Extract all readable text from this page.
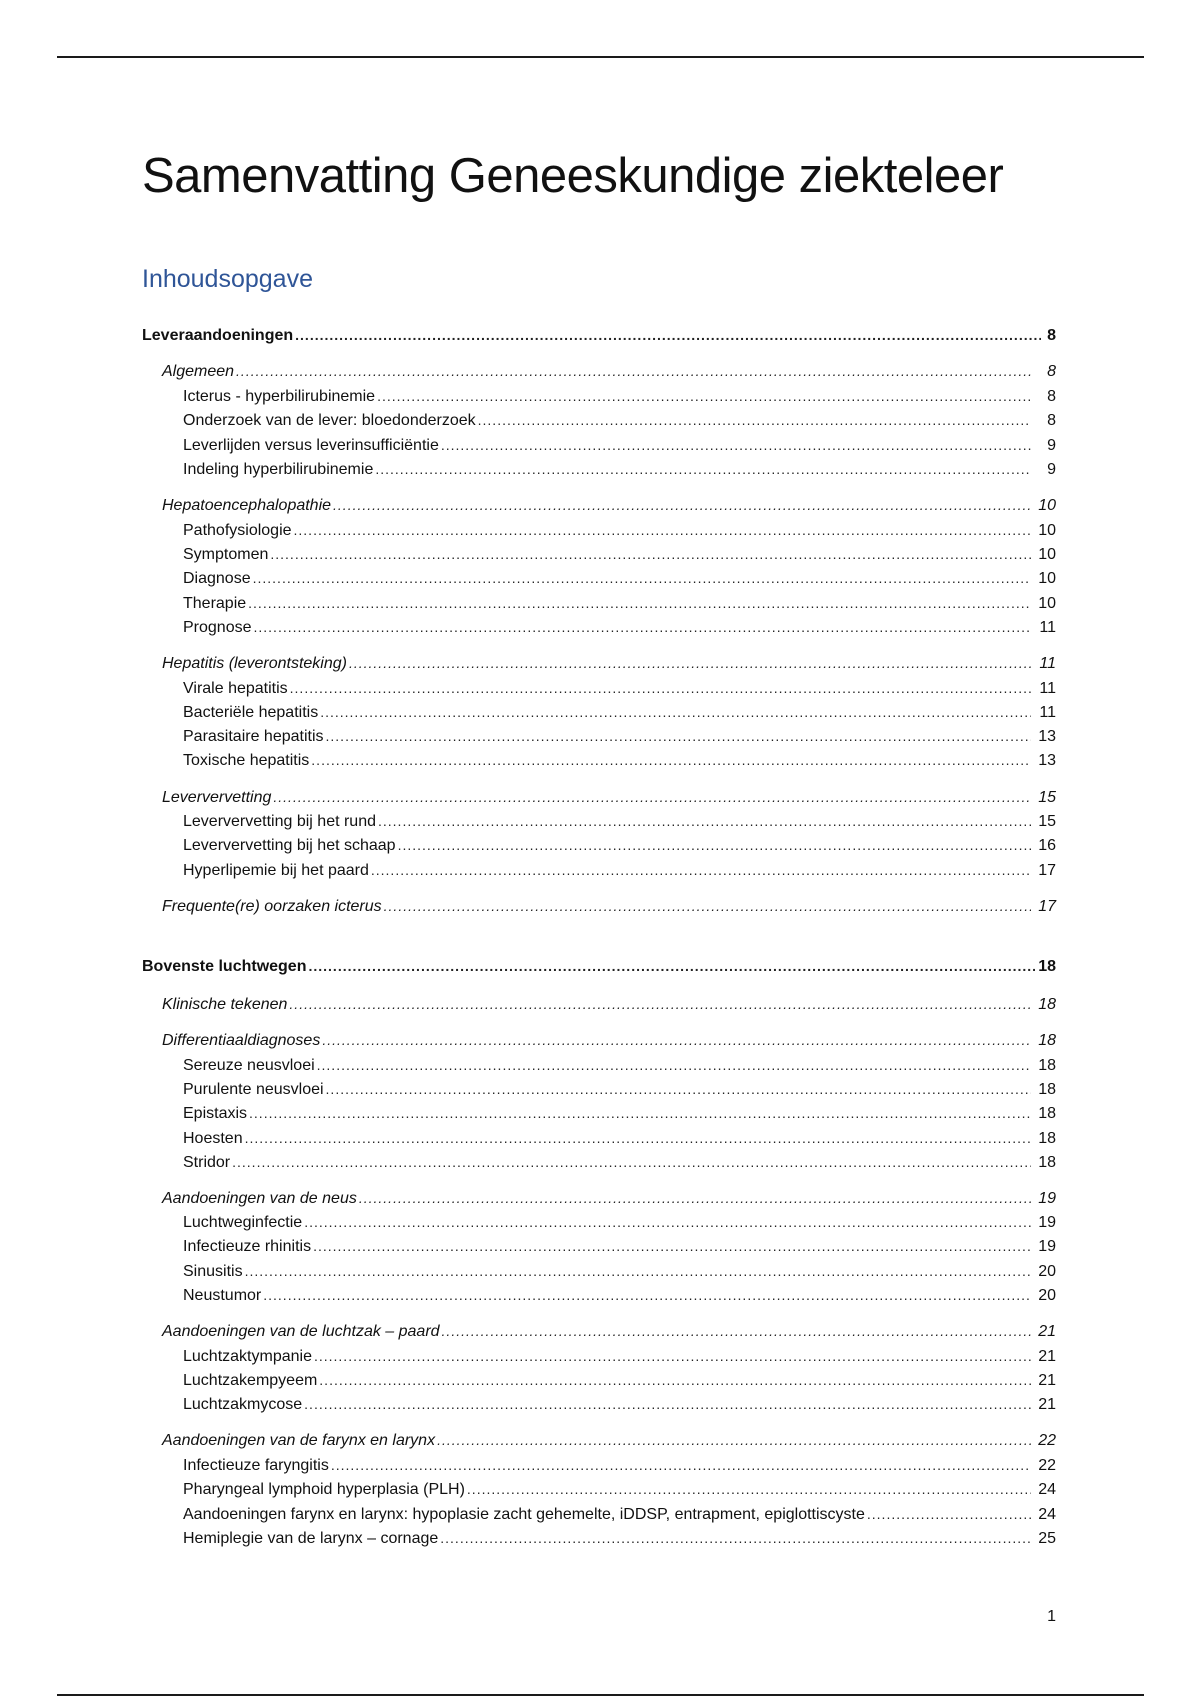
Samenvatting Geneeskundige ziekteleer
Inhoudsopgave
Leveraandoeningen .....	8
Algemeen .....	8
Icterus - hyperbilirubinemie .....	8
Onderzoek van de lever: bloedonderzoek .....	8
Leverlijden versus leverinsufficiëntie .....	9
Indeling hyperbilirubinemie .....	9
Hepatoencephalopathie .....	10
Pathofysiologie .....	10
Symptomen .....	10
Diagnose .....	10
Therapie .....	10
Prognose .....	11
Hepatitis (leverontsteking) .....	11
Virale hepatitis .....	11
Bacteriële hepatitis .....	11
Parasitaire hepatitis .....	13
Toxische hepatitis .....	13
Leververvetting .....	15
Leververvetting bij het rund .....	15
Leververvetting bij het schaap .....	16
Hyperlipemie bij het paard .....	17
Frequente(re) oorzaken icterus .....	17
Bovenste luchtwegen .....	18
Klinische tekenen .....	18
Differentiaaldiagnoses .....	18
Sereuze neusvloei .....	18
Purulente neusvloei .....	18
Epistaxis .....	18
Hoesten .....	18
Stridor .....	18
Aandoeningen van de neus .....	19
Luchtweginfectie .....	19
Infectieuze rhinitis .....	19
Sinusitis .....	20
Neustumor .....	20
Aandoeningen van de luchtzak – paard .....	21
Luchtzaktympanie .....	21
Luchtzakempyeem .....	21
Luchtzakmycose .....	21
Aandoeningen van de farynx en larynx .....	22
Infectieuze faryngitis .....	22
Pharyngeal lymphoid hyperplasia (PLH) .....	24
Aandoeningen farynx en larynx: hypoplasie zacht gehemelte, iDDSP, entrapment, epiglottiscyste .....	24
Hemiplegie van de larynx – cornage .....	25
1
